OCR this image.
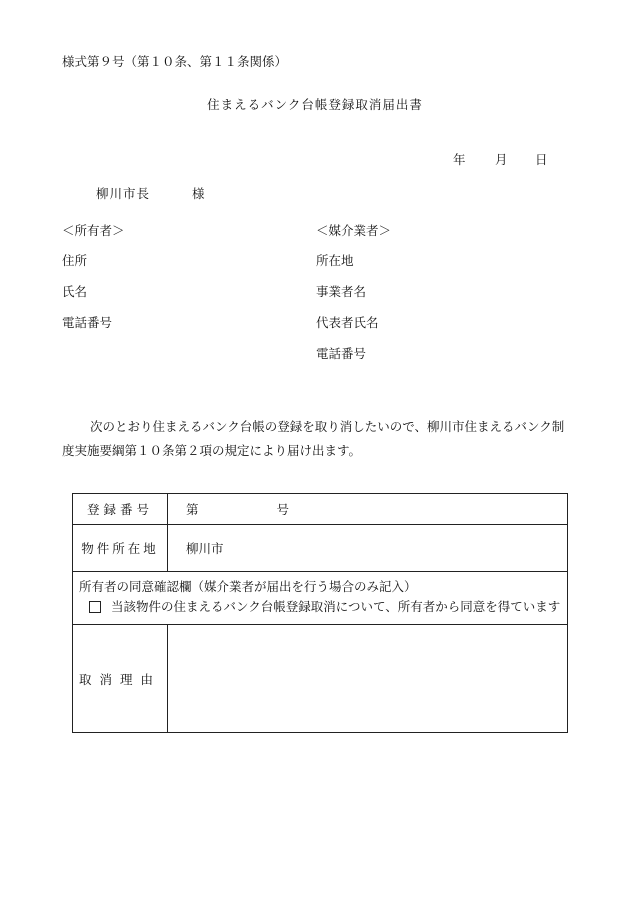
様式第９号（第１０条、第１１条関係）
住まえるバンク台帳登録取消届出書
年 月 日
柳川市長	様
＜所有者＞
住所
氏名
電話番号
＜媒介業者＞
所在地
事業者名
代表者氏名
電話番号
次のとおり住まえるバンク台帳の登録を取り消したいので、柳川市住まえるバンク制度実施要綱第１０条第２項の規定により届け出ます。
登録番号	第 号
物件所在地	柳川市

所有者の同意確認欄（媒介業者が届出を行う場合のみ記入）
当該物件の住まえるバンク台帳登録取消について、所有者から同意を得ています	

取消理由	
